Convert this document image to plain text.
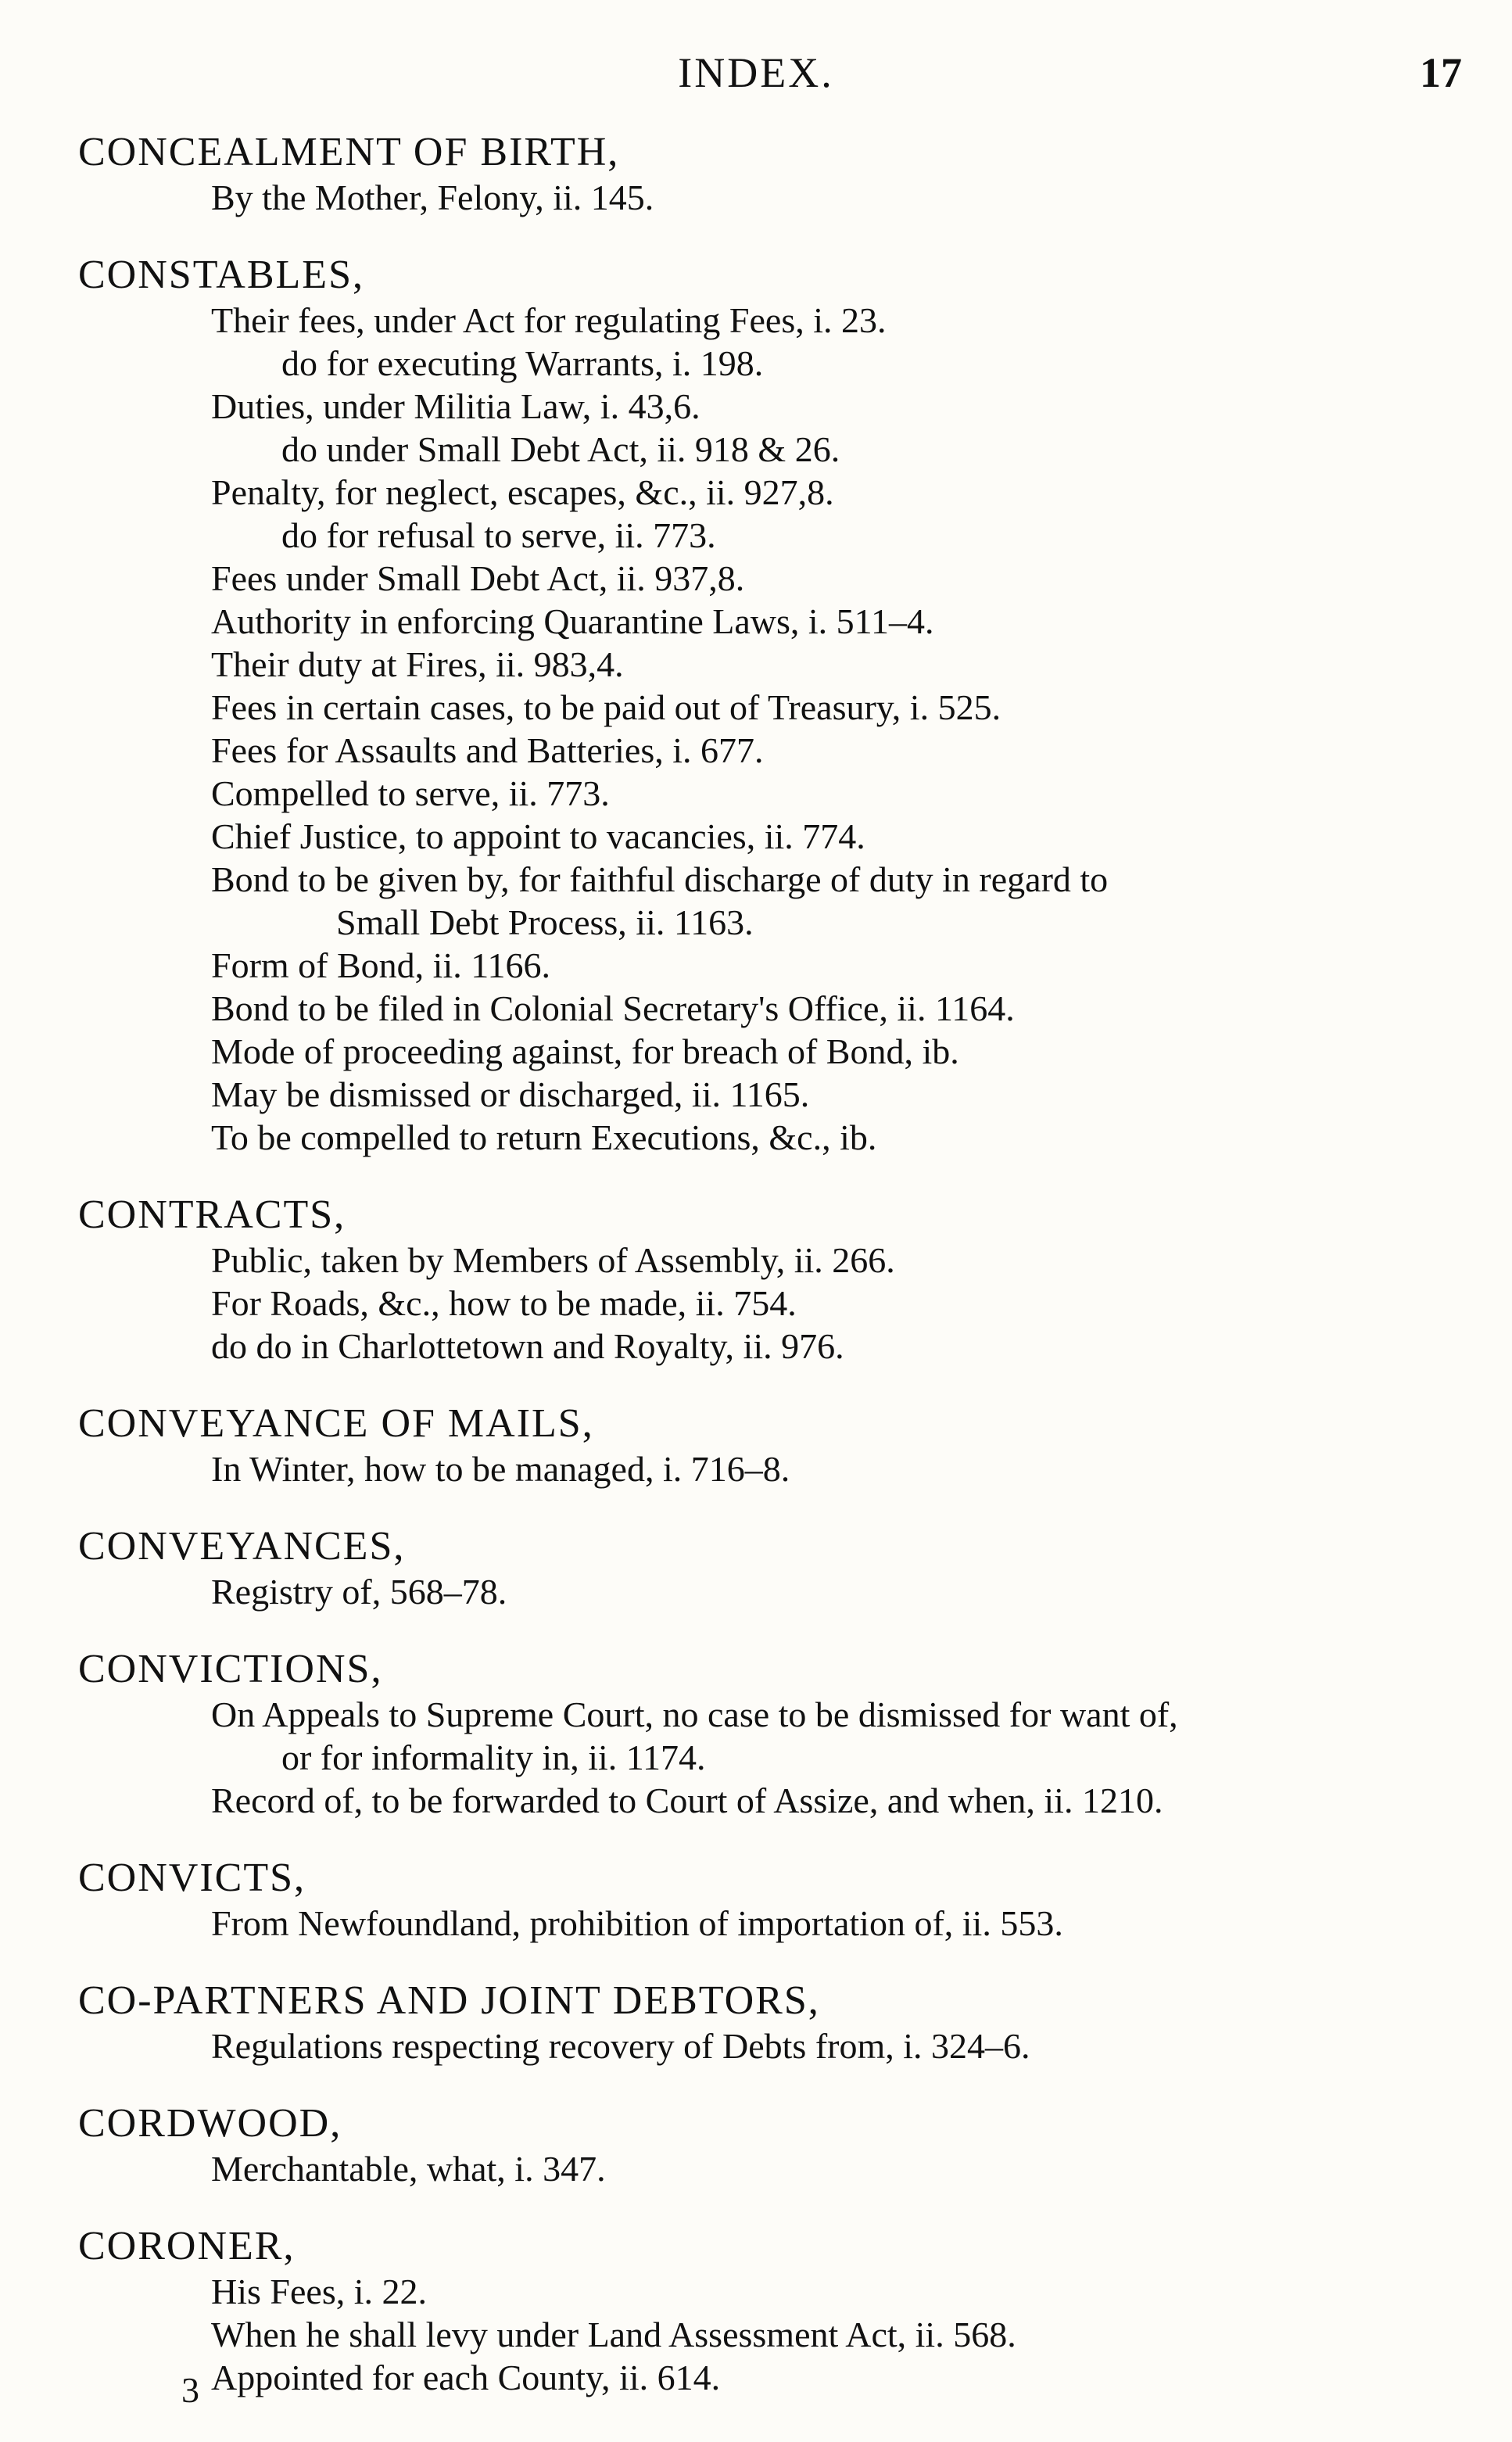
INDEX.	17
CONCEALMENT OF BIRTH,
By the Mother, Felony, ii. 145.
CONSTABLES,
Their fees, under Act for regulating Fees, i. 23.
do for executing Warrants, i. 198.
Duties, under Militia Law, i. 43,6.
do under Small Debt Act, ii. 918 & 26.
Penalty, for neglect, escapes, &c., ii. 927,8.
do for refusal to serve, ii. 773.
Fees under Small Debt Act, ii. 937,8.
Authority in enforcing Quarantine Laws, i. 511–4.
Their duty at Fires, ii. 983,4.
Fees in certain cases, to be paid out of Treasury, i. 525.
Fees for Assaults and Batteries, i. 677.
Compelled to serve, ii. 773.
Chief Justice, to appoint to vacancies, ii. 774.
Bond to be given by, for faithful discharge of duty in regard to
Small Debt Process, ii. 1163.
Form of Bond, ii. 1166.
Bond to be filed in Colonial Secretary's Office, ii. 1164.
Mode of proceeding against, for breach of Bond, ib.
May be dismissed or discharged, ii. 1165.
To be compelled to return Executions, &c., ib.
CONTRACTS,
Public, taken by Members of Assembly, ii. 266.
For Roads, &c., how to be made, ii. 754.
do do in Charlottetown and Royalty, ii. 976.
CONVEYANCE OF MAILS,
In Winter, how to be managed, i. 716–8.
CONVEYANCES,
Registry of, 568–78.
CONVICTIONS,
On Appeals to Supreme Court, no case to be dismissed for want of,
or for informality in, ii. 1174.
Record of, to be forwarded to Court of Assize, and when, ii. 1210.
CONVICTS,
From Newfoundland, prohibition of importation of, ii. 553.
CO-PARTNERS AND JOINT DEBTORS,
Regulations respecting recovery of Debts from, i. 324–6.
CORDWOOD,
Merchantable, what, i. 347.
CORONER,
His Fees, i. 22.
When he shall levy under Land Assessment Act, ii. 568.
Appointed for each County, ii. 614.
3
